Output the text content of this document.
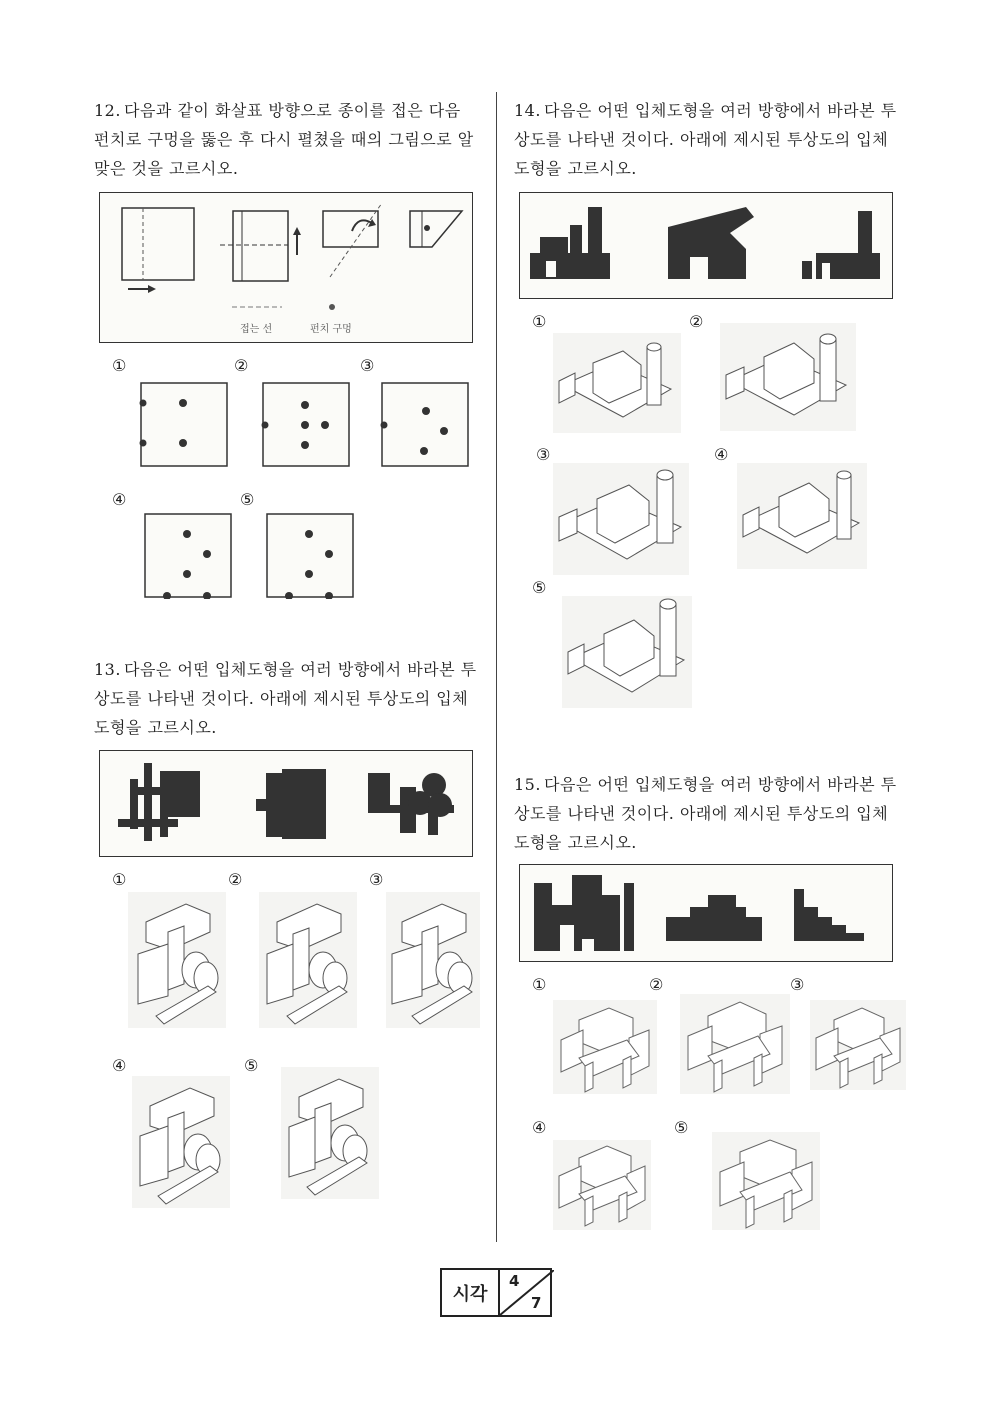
12. 다음과 같이 화살표 방향으로 종이를 접은 다음 펀치로 구멍을 뚫은 후 다시 펼쳤을 때의 그림으로 알맞은 것을 고르시오.
접는 선	펀치 구멍
①	②	③
④	⑤
13. 다음은 어떤 입체도형을 여러 방향에서 바라본 투상도를 나타낸 것이다. 아래에 제시된 투상도의 입체도형을 고르시오.
①	②	③
④	⑤
14. 다음은 어떤 입체도형을 여러 방향에서 바라본 투상도를 나타낸 것이다. 아래에 제시된 투상도의 입체도형을 고르시오.
①	②
③	④
⑤
15. 다음은 어떤 입체도형을 여러 방향에서 바라본 투상도를 나타낸 것이다. 아래에 제시된 투상도의 입체도형을 고르시오.
①	②	③
④	⑤
시각
4
7
